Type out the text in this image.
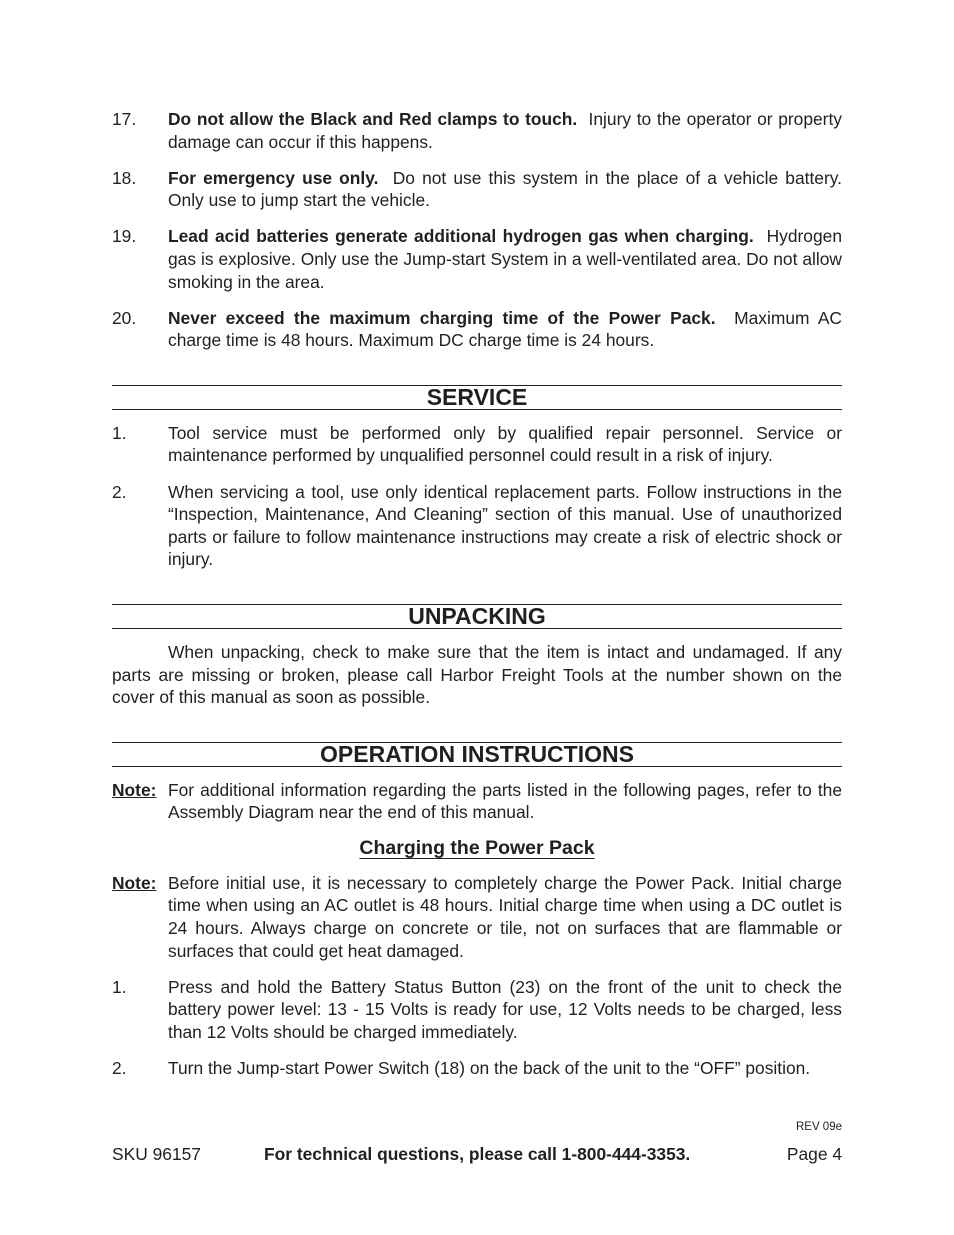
17.	Do not allow the Black and Red clamps to touch. Injury to the operator or property damage can occur if this happens.
18.	For emergency use only. Do not use this system in the place of a vehicle battery. Only use to jump start the vehicle.
19.	Lead acid batteries generate additional hydrogen gas when charging. Hydrogen gas is explosive. Only use the Jump-start System in a well-ventilated area. Do not allow smoking in the area.
20.	Never exceed the maximum charging time of the Power Pack. Maximum AC charge time is 48 hours. Maximum DC charge time is 24 hours.
SERVICE
1.	Tool service must be performed only by qualified repair personnel. Service or maintenance performed by unqualified personnel could result in a risk of injury.
2.	When servicing a tool, use only identical replacement parts. Follow instructions in the “Inspection, Maintenance, And Cleaning” section of this manual. Use of unauthorized parts or failure to follow maintenance instructions may create a risk of electric shock or injury.
UNPACKING
When unpacking, check to make sure that the item is intact and undamaged. If any parts are missing or broken, please call Harbor Freight Tools at the number shown on the cover of this manual as soon as possible.
OPERATION INSTRUCTIONS
Note: For additional information regarding the parts listed in the following pages, refer to the Assembly Diagram near the end of this manual.
Charging the Power Pack
Note: Before initial use, it is necessary to completely charge the Power Pack. Initial charge time when using an AC outlet is 48 hours. Initial charge time when using a DC outlet is 24 hours. Always charge on concrete or tile, not on surfaces that are flammable or surfaces that could get heat damaged.
1.	Press and hold the Battery Status Button (23) on the front of the unit to check the battery power level: 13 - 15 Volts is ready for use, 12 Volts needs to be charged, less than 12 Volts should be charged immediately.
2.	Turn the Jump-start Power Switch (18) on the back of the unit to the “OFF” position.
REV 09e
SKU 96157	For technical questions, please call 1-800-444-3353.	Page 4
